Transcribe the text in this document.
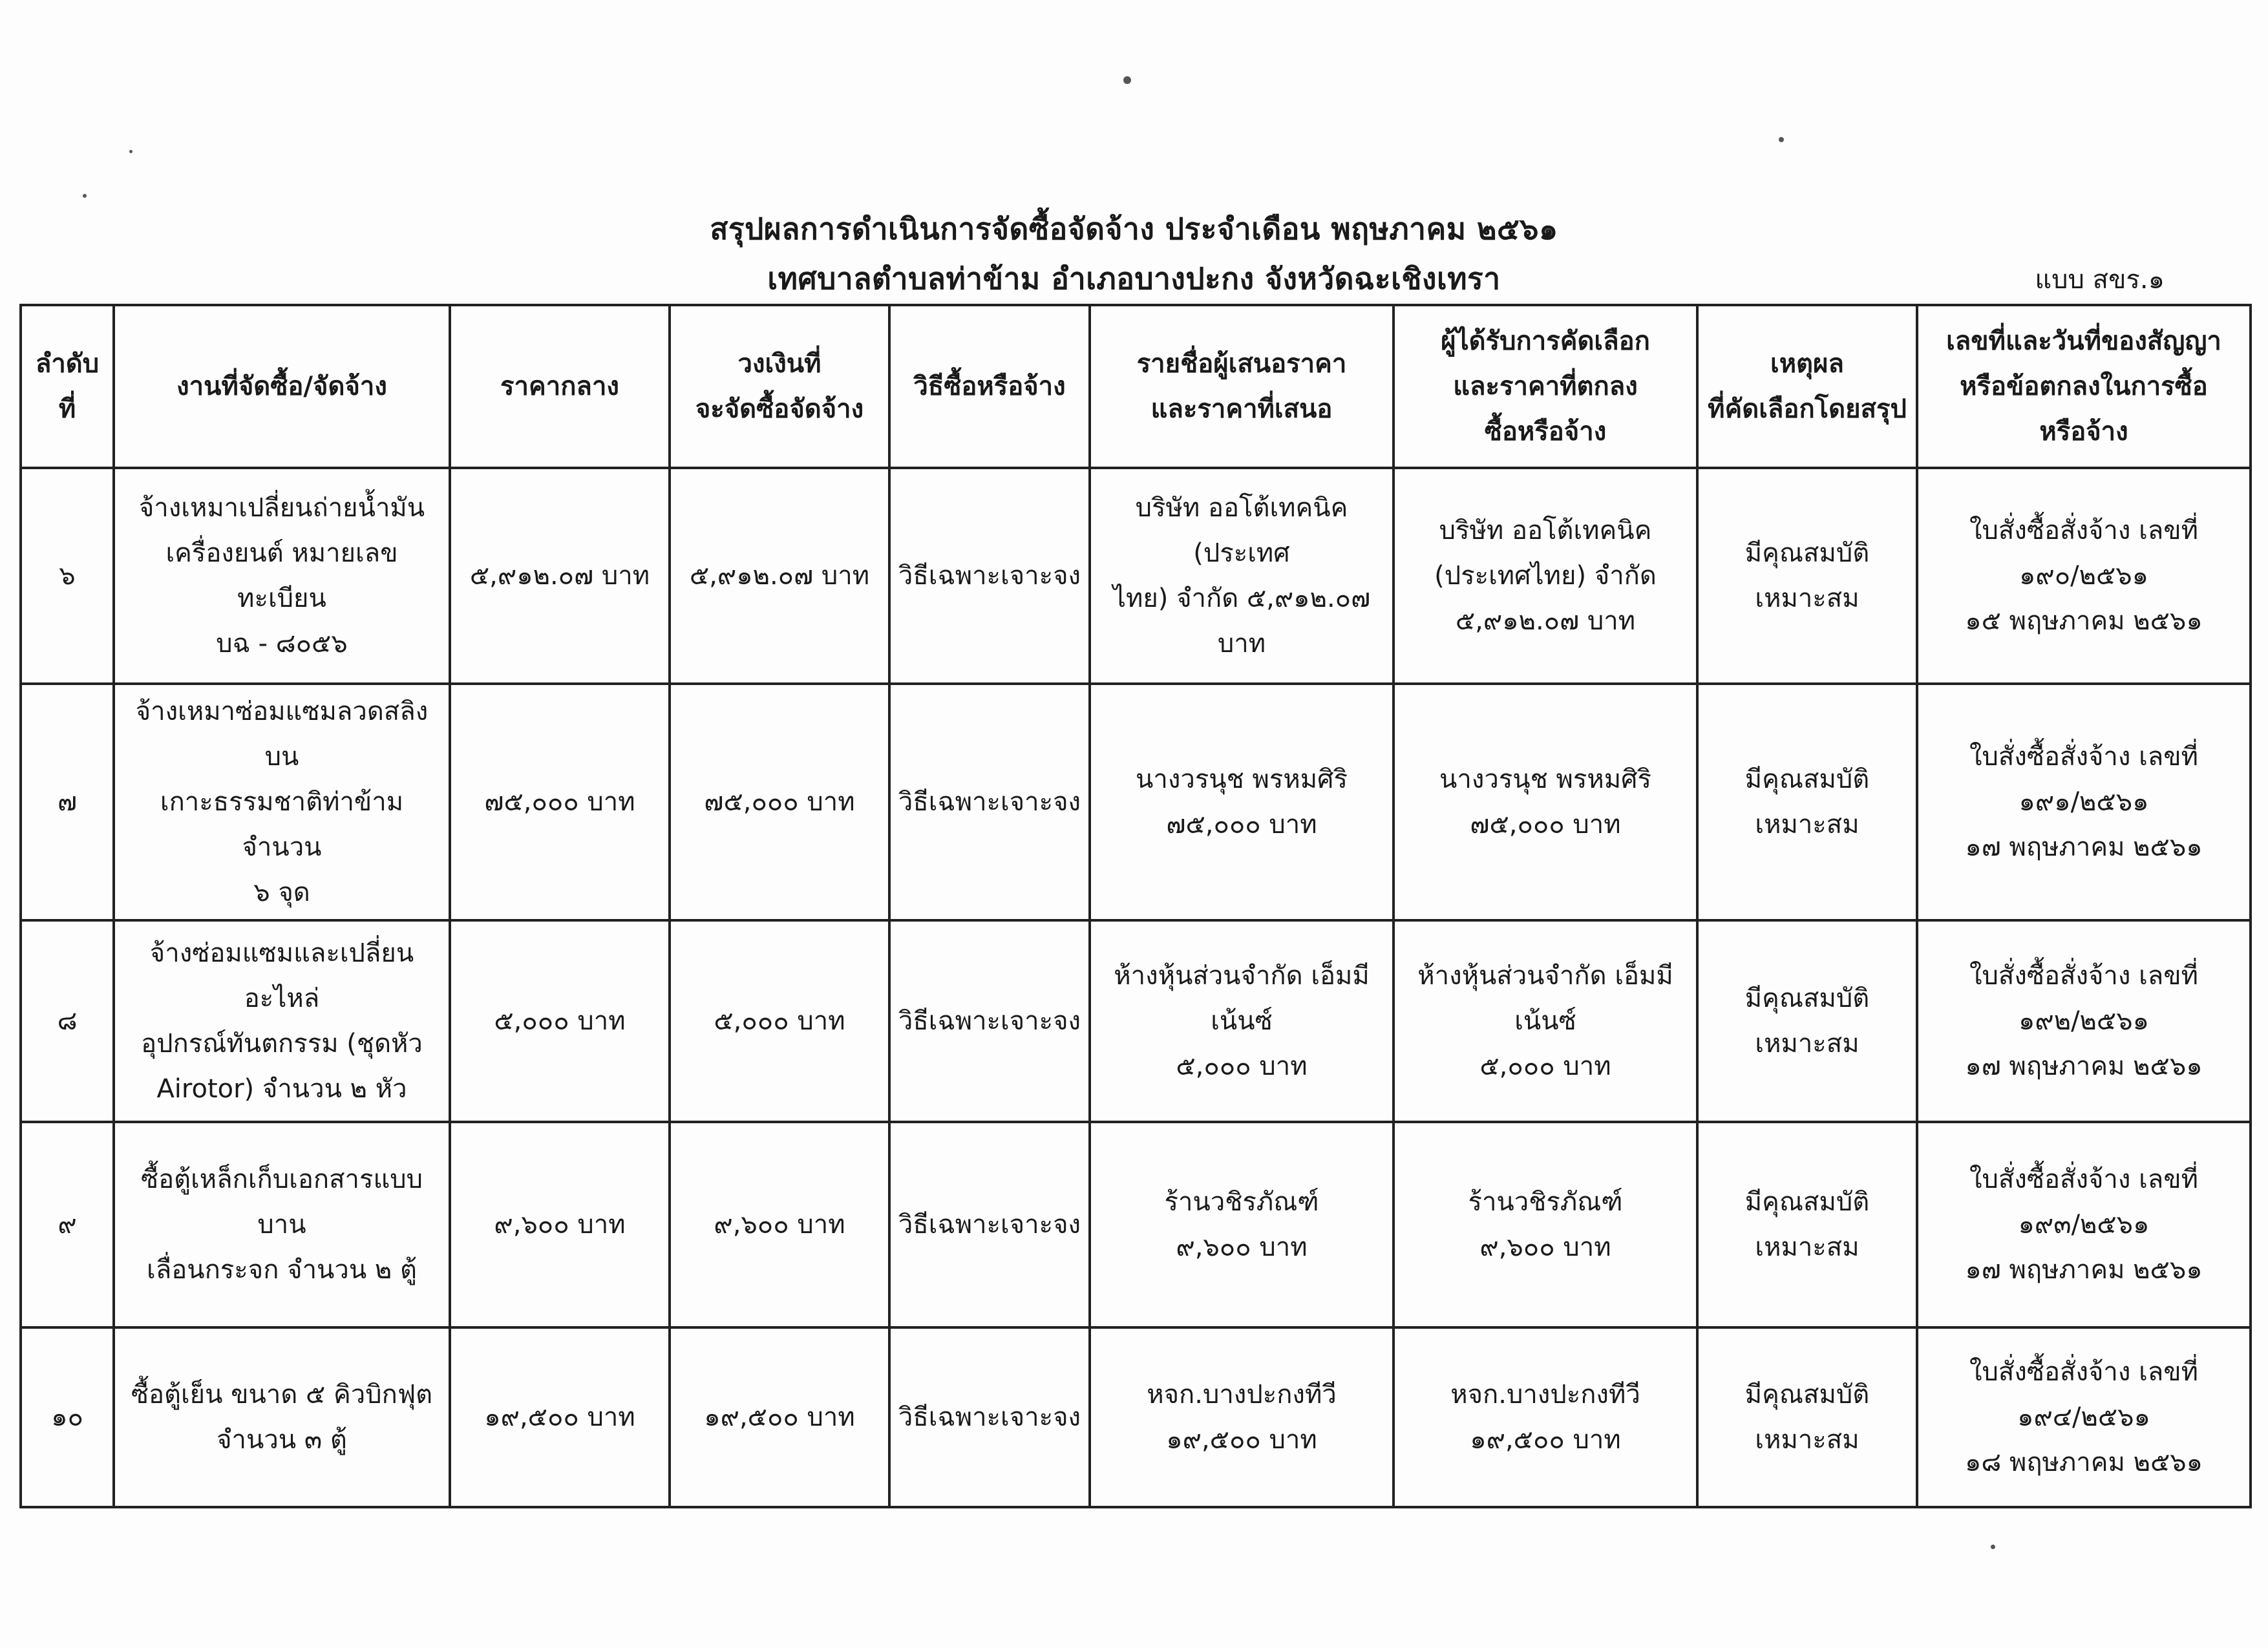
สรุปผลการดำเนินการจัดซื้อจัดจ้าง ประจำเดือน พฤษภาคม ๒๕๖๑
เทศบาลตำบลท่าข้าม อำเภอบางปะกง จังหวัดฉะเชิงเทรา	แบบ สขร.๑
ลำดับที่	งานที่จัดซื้อ/จัดจ้าง	ราคากลาง	วงเงินที่
จะจัดซื้อจัดจ้าง	วิธีซื้อหรือจ้าง	รายชื่อผู้เสนอราคา
และราคาที่เสนอ	ผู้ได้รับการคัดเลือก
และราคาที่ตกลง
ซื้อหรือจ้าง	เหตุผล
ที่คัดเลือกโดยสรุป	เลขที่และวันที่ของสัญญา
หรือข้อตกลงในการซื้อ
หรือจ้าง
๖	จ้างเหมาเปลี่ยนถ่ายน้ำมัน
เครื่องยนต์ หมายเลขทะเบียน
บฉ - ๘๐๕๖	๕,๙๑๒.๐๗ บาท	๕,๙๑๒.๐๗ บาท	วิธีเฉพาะเจาะจง	บริษัท ออโต้เทคนิค (ประเทศ
ไทย) จำกัด ๕,๙๑๒.๐๗
บาท	บริษัท ออโต้เทคนิค
(ประเทศไทย) จำกัด
๕,๙๑๒.๐๗ บาท	มีคุณสมบัติ
เหมาะสม	ใบสั่งซื้อสั่งจ้าง เลขที่
๑๙๐/๒๕๖๑
๑๕ พฤษภาคม ๒๕๖๑
๗	จ้างเหมาซ่อมแซมลวดสลิง บน
เกาะธรรมชาติท่าข้าม จำนวน
๖ จุด	๗๕,๐๐๐ บาท	๗๕,๐๐๐ บาท	วิธีเฉพาะเจาะจง	นางวรนุช พรหมศิริ
๗๕,๐๐๐ บาท	นางวรนุช พรหมศิริ
๗๕,๐๐๐ บาท	มีคุณสมบัติ
เหมาะสม	ใบสั่งซื้อสั่งจ้าง เลขที่
๑๙๑/๒๕๖๑
๑๗ พฤษภาคม ๒๕๖๑
๘	จ้างซ่อมแซมและเปลี่ยนอะไหล่
อุปกรณ์ทันตกรรม (ชุดหัว
Airotor) จำนวน ๒ หัว	๕,๐๐๐ บาท	๕,๐๐๐ บาท	วิธีเฉพาะเจาะจง	ห้างหุ้นส่วนจำกัด เอ็มมีเน้นซ์
๕,๐๐๐ บาท	ห้างหุ้นส่วนจำกัด เอ็มมีเน้นซ์
๕,๐๐๐ บาท	มีคุณสมบัติ
เหมาะสม	ใบสั่งซื้อสั่งจ้าง เลขที่
๑๙๒/๒๕๖๑
๑๗ พฤษภาคม ๒๕๖๑
๙	ซื้อตู้เหล็กเก็บเอกสารแบบบาน
เลื่อนกระจก จำนวน ๒ ตู้	๙,๖๐๐ บาท	๙,๖๐๐ บาท	วิธีเฉพาะเจาะจง	ร้านวชิรภัณฑ์
๙,๖๐๐ บาท	ร้านวชิรภัณฑ์
๙,๖๐๐ บาท	มีคุณสมบัติ
เหมาะสม	ใบสั่งซื้อสั่งจ้าง เลขที่
๑๙๓/๒๕๖๑
๑๗ พฤษภาคม ๒๕๖๑
๑๐	ซื้อตู้เย็น ขนาด ๕ คิวบิกฟุต
จำนวน ๓ ตู้	๑๙,๕๐๐ บาท	๑๙,๕๐๐ บาท	วิธีเฉพาะเจาะจง	หจก.บางปะกงทีวี
๑๙,๕๐๐ บาท	หจก.บางปะกงทีวี
๑๙,๕๐๐ บาท	มีคุณสมบัติ
เหมาะสม	ใบสั่งซื้อสั่งจ้าง เลขที่
๑๙๔/๒๕๖๑
๑๘ พฤษภาคม ๒๕๖๑
